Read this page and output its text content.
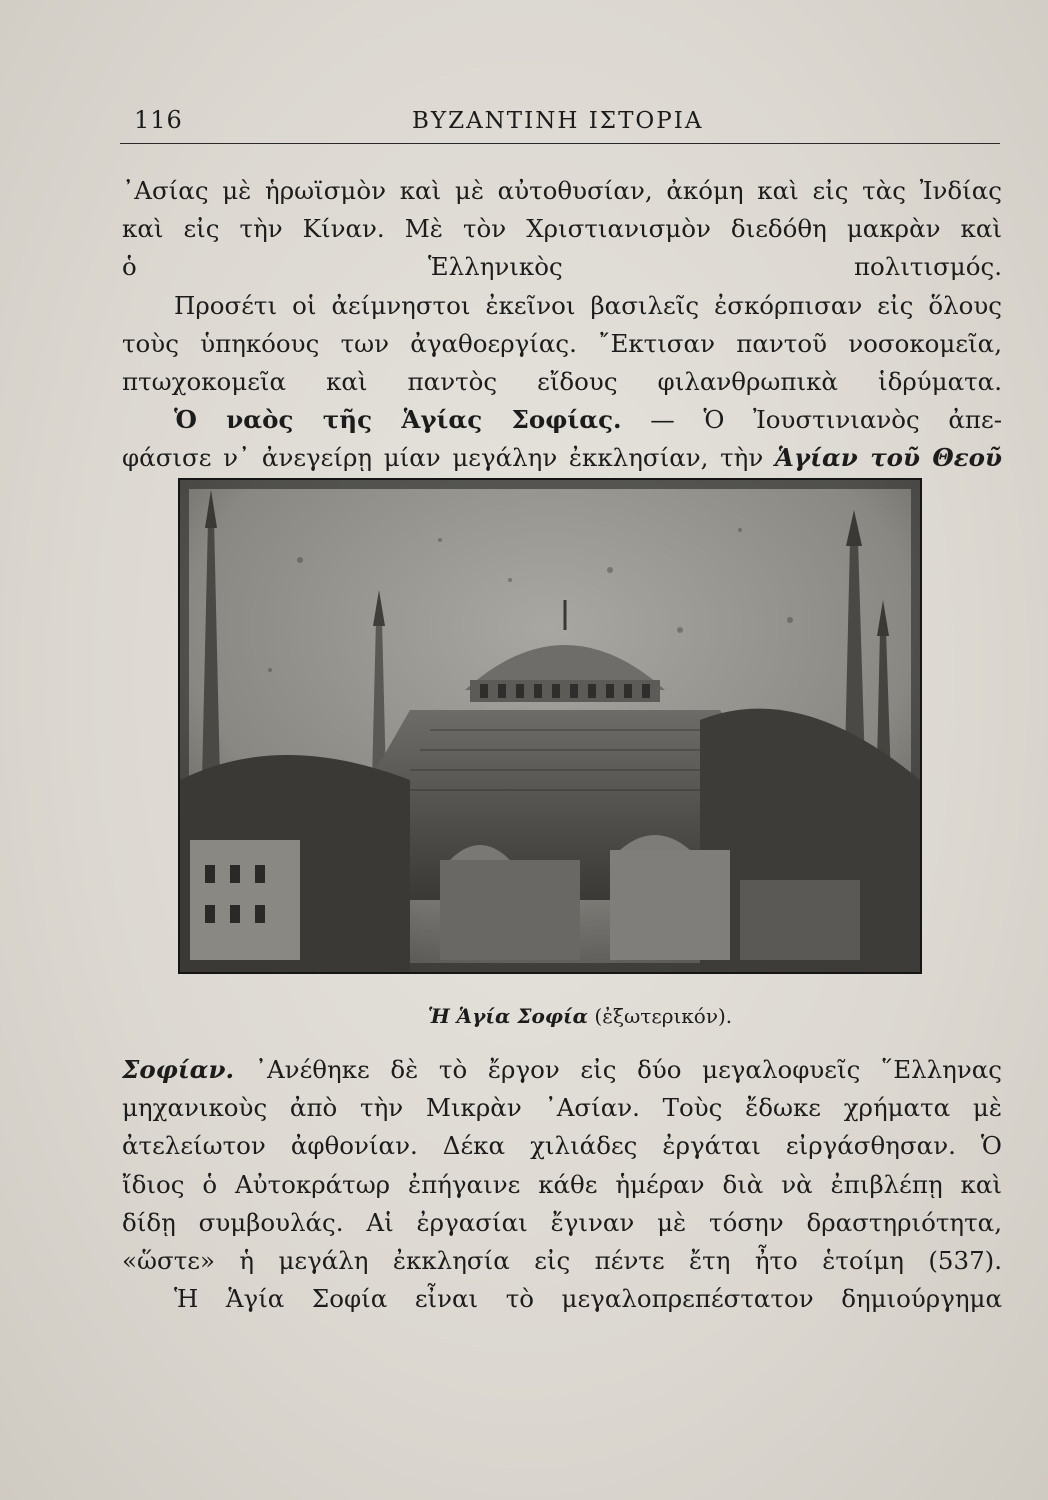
116	ΒΥΖΑΝΤΙΝΗ ΙΣΤΟΡΙΑ

᾿Ασίας μὲ ἡρωϊσμὸν καὶ μὲ αὐτοθυσίαν, ἀκόμη καὶ εἰς τὰς Ἰνδίας
καὶ εἰς τὴν Κίναν. Μὲ τὸν Χριστιανισμὸν διεδόθη μακρὰν καὶ
ὁ Ἑλληνικὸς πολιτισμός.

Προσέτι οἱ ἀείμνηστοι ἐκεῖνοι βασιλεῖς ἐσκόρπισαν εἰς ὅλους
τοὺς ὑπηκόους των ἀγαθοεργίας. ῎Εκτισαν παντοῦ νοσοκομεῖα,
πτωχοκομεῖα καὶ παντὸς εἴδους φιλανθρωπικὰ ἱδρύματα.

Ὁ ναὸς τῆς Ἁγίας Σοφίας. — Ὁ Ἰουστινιανὸς ἀπε-
φάσισε ν᾿ ἀνεγείρῃ μίαν μεγάλην ἐκκλησίαν, τὴν Ἁγίαν τοῦ Θεοῦ

Ἡ Ἁγία Σοφία (ἐξωτερικόν).

Σοφίαν. ᾿Ανέθηκε δὲ τὸ ἔργον εἰς δύο μεγαλοφυεῖς ῞Ελληνας
μηχανικοὺς ἀπὸ τὴν Μικρὰν ᾿Ασίαν. Τοὺς ἔδωκε χρήματα μὲ
ἀτελείωτον ἀφθονίαν. Δέκα χιλιάδες ἐργάται εἰργάσθησαν. Ὁ
ἴδιος ὁ Αὐτοκράτωρ ἐπήγαινε κάθε ἡμέραν διὰ νὰ ἐπιβλέπῃ καὶ
δίδῃ συμβουλάς. Αἱ ἐργασίαι ἔγιναν μὲ τόσην δραστηριότητα,
«ὥστε» ἡ μεγάλη ἐκκλησία εἰς πέντε ἔτη ἦτο ἑτοίμη (537).

Ἡ Ἁγία Σοφία εἶναι τὸ μεγαλοπρεπέστατον δημιούργημα
